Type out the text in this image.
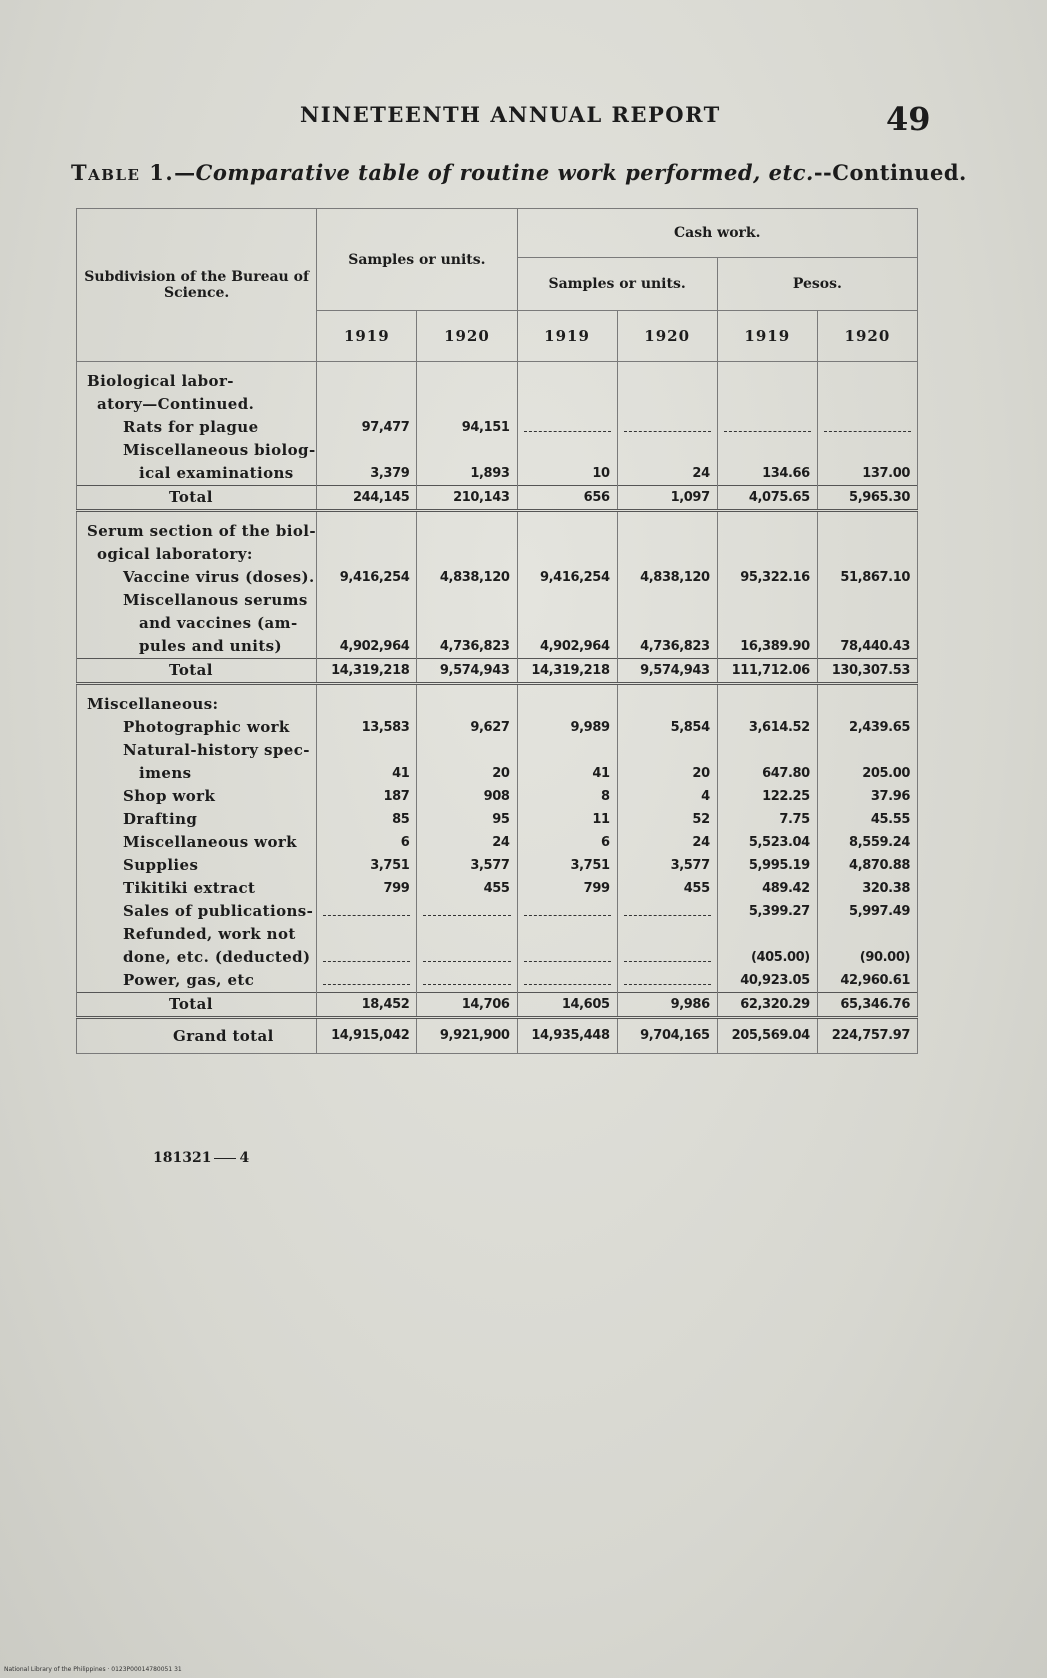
NINETEENTH ANNUAL REPORT	49
Table 1.—Comparative table of routine work performed, etc.--Continued.
Subdivision of the Bureau of Science.	Samples or units.		Cash work.			
			Samples or units.		Pesos.	
	1919	1920	1919	1920	1919	1920
Biological labor-						
atory—Continued.						
Rats for plague	97,477	94,151				
Miscellaneous biolog-						
ical examinations	3,379	1,893	10	24	134.66	137.00
Total	244,145	210,143	656	1,097	4,075.65	5,965.30
Serum section of the biol-						
ogical laboratory:						
Vaccine virus (doses).	9,416,254	4,838,120	9,416,254	4,838,120	95,322.16	51,867.10
Miscellanous serums						
and vaccines (am-						
pules and units)	4,902,964	4,736,823	4,902,964	4,736,823	16,389.90	78,440.43
Total	14,319,218	9,574,943	14,319,218	9,574,943	111,712.06	130,307.53
Miscellaneous:						
Photographic work	13,583	9,627	9,989	5,854	3,614.52	2,439.65
Natural-history spec-						
imens	41	20	41	20	647.80	205.00
Shop work	187	908	8	4	122.25	37.96
Drafting	85	95	11	52	7.75	45.55
Miscellaneous work	6	24	6	24	5,523.04	8,559.24
Supplies	3,751	3,577	3,751	3,577	5,995.19	4,870.88
Tikitiki extract	799	455	799	455	489.42	320.38
Sales of publications-					5,399.27	5,997.49
Refunded, work not						
done, etc. (deducted)					(405.00)	(90.00)
Power, gas, etc					40,923.05	42,960.61
Total	18,452	14,706	14,605	9,986	62,320.29	65,346.76
Grand total	14,915,042	9,921,900	14,935,448	9,704,165	205,569.04	224,757.97
181321 4
National Library of the Philippines · 0123P00014780051 31
